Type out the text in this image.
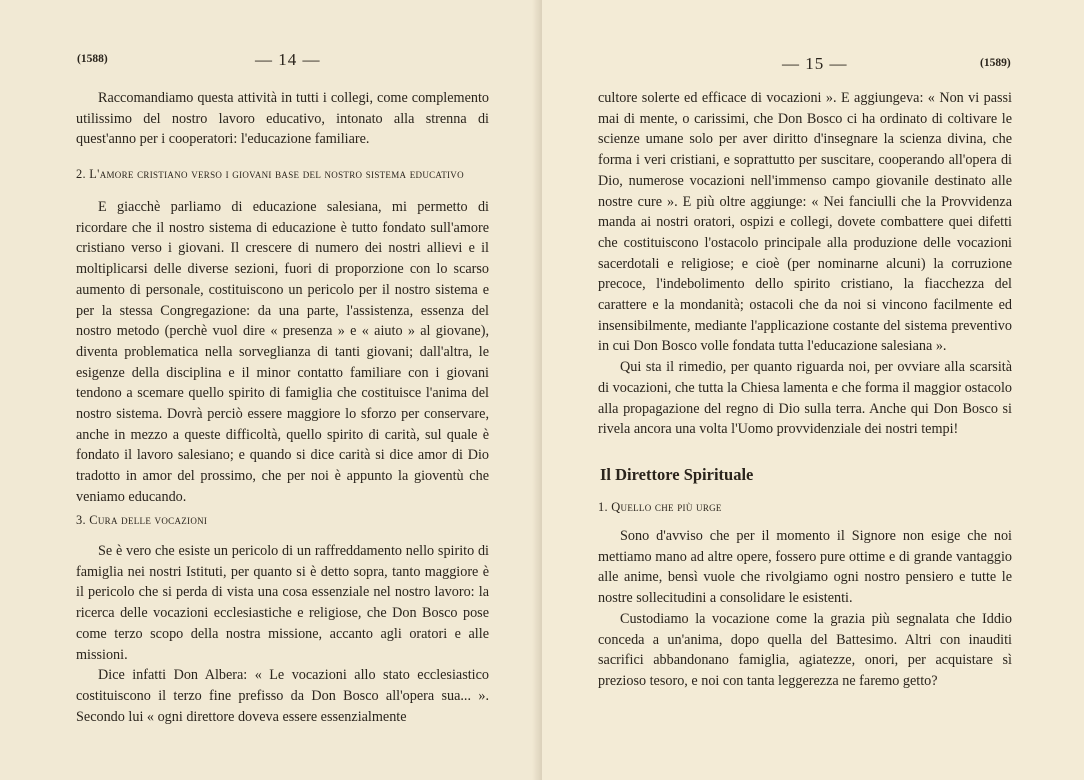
(1588)	— 14 —

Raccomandiamo questa attività in tutti i collegi, come complemento utilissimo del nostro lavoro educativo, intonato alla strenna di quest'anno per i cooperatori: l'educazione familiare.

2. L'amore cristiano verso i giovani base del nostro sistema educativo

E giacchè parliamo di educazione salesiana, mi permetto di ricordare che il nostro sistema di educazione è tutto fondato sull'amore cristiano verso i giovani. Il crescere di numero dei nostri allievi e il moltiplicarsi delle diverse sezioni, fuori di proporzione con lo scarso aumento di personale, costituiscono un pericolo per il nostro sistema e per la stessa Congregazione: da una parte, l'assistenza, essenza del nostro metodo (perchè vuol dire « presenza » e « aiuto » al giovane), diventa problematica nella sorveglianza di tanti giovani; dall'altra, le esigenze della disciplina e il minor contatto familiare con i giovani tendono a scemare quello spirito di famiglia che costituisce l'anima del nostro sistema. Dovrà perciò essere maggiore lo sforzo per conservare, anche in mezzo a queste difficoltà, quello spirito di carità, sul quale è fondato il lavoro salesiano; e quando si dice carità si dice amor di Dio tradotto in amor del prossimo, che per noi è appunto la gioventù che veniamo educando.

3. Cura delle vocazioni

Se è vero che esiste un pericolo di un raffreddamento nello spirito di famiglia nei nostri Istituti, per quanto si è detto sopra, tanto maggiore è il pericolo che si perda di vista una cosa essenziale nel nostro lavoro: la ricerca delle vocazioni ecclesiastiche e religiose, che Don Bosco pose come terzo scopo della nostra missione, accanto agli oratori e alle missioni.

Dice infatti Don Albera: « Le vocazioni allo stato ecclesiastico costituiscono il terzo fine prefisso da Don Bosco all'opera sua... ». Secondo lui « ogni direttore doveva essere essenzialmente

— 15 —	(1589)

cultore solerte ed efficace di vocazioni ». E aggiungeva: « Non vi passi mai di mente, o carissimi, che Don Bosco ci ha ordinato di coltivare le scienze umane solo per aver diritto d'insegnare la scienza divina, che forma i veri cristiani, e soprattutto per suscitare, cooperando all'opera di Dio, numerose vocazioni nell'immenso campo giovanile destinato alle nostre cure ». E più oltre aggiunge: « Nei fanciulli che la Provvidenza manda ai nostri oratori, ospizi e collegi, dovete combattere quei difetti che costituiscono l'ostacolo principale alla produzione delle vocazioni sacerdotali e religiose; e cioè (per nominarne alcuni) la corruzione precoce, l'indebolimento dello spirito cristiano, la fiacchezza del carattere e la mondanità; ostacoli che da noi si vincono facilmente ed insensibilmente, mediante l'applicazione costante del sistema preventivo in cui Don Bosco volle fondata tutta l'educazione salesiana ».

Qui sta il rimedio, per quanto riguarda noi, per ovviare alla scarsità di vocazioni, che tutta la Chiesa lamenta e che forma il maggior ostacolo alla propagazione del regno di Dio sulla terra. Anche qui Don Bosco si rivela ancora una volta l'Uomo provvidenziale dei nostri tempi!

Il Direttore Spirituale

1. Quello che più urge

Sono d'avviso che per il momento il Signore non esige che noi mettiamo mano ad altre opere, fossero pure ottime e di grande vantaggio alle anime, bensì vuole che rivolgiamo ogni nostro pensiero e tutte le nostre sollecitudini a consolidare le esistenti.

Custodiamo la vocazione come la grazia più segnalata che Iddio conceda a un'anima, dopo quella del Battesimo. Altri con inauditi sacrifici abbandonano famiglia, agiatezze, onori, per acquistare sì prezioso tesoro, e noi con tanta leggerezza ne faremo getto?
